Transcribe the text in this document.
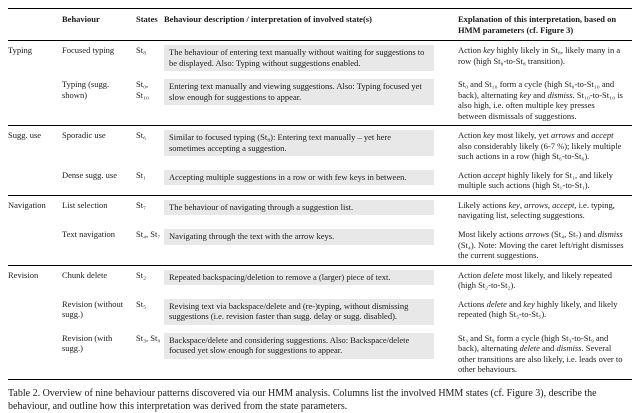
	Behaviour	States	Behaviour description / interpretation of involved state(s)	Explanation of this interpretation, based on HMM parameters (cf. Figure 3)
Typing	Focused typing	St₈	The behaviour of entering text manually without waiting for suggestions to be displayed. Also: Typing without suggestions enabled.	Action key highly likely in St₈, likely many in a row (high St₈-to-St₈ transition).
	Typing (sugg. shown)	St₀, St₁₀	Entering text manually and viewing suggestions. Also: Typing focused yet slow enough for suggestions to appear.	St₀ and St₁₀ form a cycle (high St₀-to-St₁₀ and back), alternating key and dismiss. St₁₀-to-St₁₀ is also high, i.e. often multiple key presses between dismissals of suggestions.
Sugg. use	Sporadic use	St₆	Similar to focused typing (St₈): Entering text manually – yet here sometimes accepting a suggestion.	Action key most likely, yet arrows and accept also considerably likely (6-7 %); likely multiple such actions in a row (high St₆-to-St₆).
	Dense sugg. use	St₁	Accepting multiple suggestions in a row or with few keys in between.	Action accept highly likely for St₁, and likely multiple such actions (high St₁-to-St₁).
Navigation	List selection	St₇	The behaviour of navigating through a suggestion list.	Likely actions key, arrows, accept, i.e. typing, navigating list, selecting suggestions.
	Text navigation	St₄, St₇	Navigating through the text with the arrow keys.	Most likely actions arrows (St₄, St₇) and dismiss (St₄). Note: Moving the caret left/right dismisses the current suggestions.
Revision	Chunk delete	St₂	Repeated backspacing/deletion to remove a (larger) piece of text.	Action delete most likely, and likely repeated (high St₂-to-St₂).
	Revision (without sugg.)	St₅	Revising text via backspace/delete and (re-)typing, without dismissing suggestions (i.e. revision faster than sugg. delay or sugg. disabled).	Actions delete and key highly likely, and likely repeated (high St₅-to-St₅).
	Revision (with sugg.)	St₃, St₉	Backspace/delete and considering suggestions. Also: Backspace/delete focused yet slow enough for suggestions to appear.	St₃ and St₉ form a cycle (high St₃-to-St₉ and back), alternating delete and dismiss. Several other transitions are also likely, i.e. leads over to other behaviours.
Table 2. Overview of nine behaviour patterns discovered via our HMM analysis. Columns list the involved HMM states (cf. Figure 3), describe the behaviour, and outline how this interpretation was derived from the state parameters.
